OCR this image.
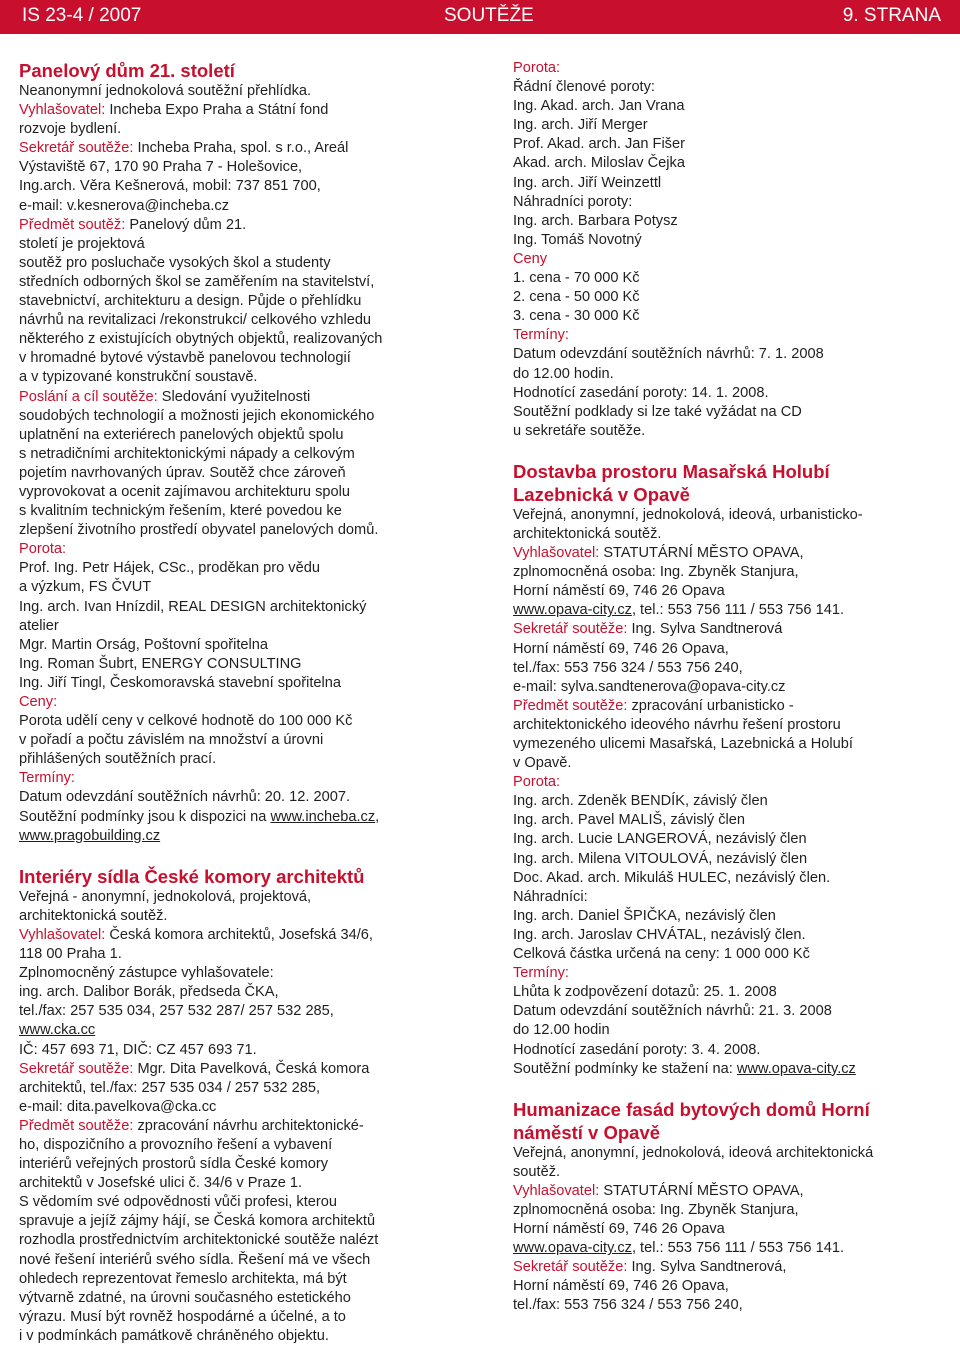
IS 23-4 / 2007	SOUTĚŽE	9. STRANA

Panelový dům 21. století

Neanonymní jednokolová soutěžní přehlídka.

Vyhlašovatel: Incheba Expo Praha a Státní fond

rozvoje bydlení.

Sekretář soutěže: Incheba Praha, spol. s r.o., Areál

Výstaviště 67, 170 90 Praha 7 - Holešovice,

Ing.arch. Věra Kešnerová, mobil: 737 851 700,

e-mail: v.kesnerova@incheba.cz

Předmět soutěž: Panelový dům 21.

století je projektová

soutěž pro posluchače vysokých škol a studenty

středních odborných škol se zaměřením na stavitelství,

stavebnictví, architekturu a design. Půjde o přehlídku

návrhů na revitalizaci /rekonstrukci/ celkového vzhledu

některého z existujících obytných objektů, realizovaných

v hromadné bytové výstavbě panelovou technologií

a v typizované konstrukční soustavě.

Poslání a cíl soutěže: Sledování využitelnosti

soudobých technologií a možnosti jejich ekonomického

uplatnění na exteriérech panelových objektů spolu

s netradičními architektonickými nápady a celkovým

pojetím navrhovaných úprav. Soutěž chce zároveň

vyprovokovat a ocenit zajímavou architekturu spolu

s kvalitním technickým řešením, které povedou ke

zlepšení životního prostředí obyvatel panelových domů.

Porota:

Prof. Ing. Petr Hájek, CSc., proděkan pro vědu

a výzkum, FS ČVUT

Ing. arch. Ivan Hnízdil, REAL DESIGN architektonický

atelier

Mgr. Martin Orság, Poštovní spořitelna

Ing. Roman Šubrt, ENERGY CONSULTING

Ing. Jiří Tingl, Českomoravská stavební spořitelna

Ceny:

Porota udělí ceny v celkové hodnotě do 100 000 Kč

v pořadí a počtu závislém na množství a úrovni

přihlášených soutěžních prací.

Termíny:

Datum odevzdání soutěžních návrhů: 20. 12. 2007.

Soutěžní podmínky jsou k dispozici na www.incheba.cz,

www.pragobuilding.cz

Interiéry sídla České komory architektů

Veřejná - anonymní, jednokolová, projektová,

architektonická soutěž.

Vyhlašovatel: Česká komora architektů, Josefská 34/6,

118 00 Praha 1.

Zplnomocněný zástupce vyhlašovatele:

ing. arch. Dalibor Borák, předseda ČKA,

tel./fax: 257 535 034, 257 532 287/ 257 532 285,

www.cka.cc

IČ: 457 693 71, DIČ: CZ 457 693 71.

Sekretář soutěže: Mgr. Dita Pavelková, Česká komora

architektů, tel./fax: 257 535 034 / 257 532 285,

e-mail: dita.pavelkova@cka.cc

Předmět soutěže: zpracování návrhu architektonické-

ho, dispozičního a provozního řešení a vybavení

interiérů veřejných prostorů sídla České komory

architektů v Josefské ulici č. 34/6 v Praze 1.

S vědomím své odpovědnosti vůči profesi, kterou

spravuje a jejíž zájmy hájí, se Česká komora architektů

rozhodla prostřednictvím architektonické soutěže nalézt

nové řešení interiérů svého sídla. Řešení má ve všech

ohledech reprezentovat řemeslo architekta, má být

výtvarně zdatné, na úrovni současného estetického

výrazu. Musí být rovněž hospodárné a účelné, a to

i v podmínkách památkově chráněného objektu.

Porota:

Řádní členové poroty:

Ing. Akad. arch. Jan Vrana

Ing. arch. Jiří Merger

Prof. Akad. arch. Jan Fišer

Akad. arch. Miloslav Čejka

Ing. arch. Jiří Weinzettl

Náhradníci poroty:

Ing. arch. Barbara Potysz

Ing. Tomáš Novotný

Ceny

1. cena - 70 000 Kč

2. cena - 50 000 Kč

3. cena - 30 000 Kč

Termíny:

Datum odevzdání soutěžních návrhů: 7. 1. 2008

do 12.00 hodin.

Hodnotící zasedání poroty: 14. 1. 2008.

Soutěžní podklady si lze také vyžádat na CD

u sekretáře soutěže.

Dostavba prostoru Masařská Holubí

Lazebnická v Opavě

Veřejná, anonymní, jednokolová, ideová, urbanisticko-

architektonická soutěž.

Vyhlašovatel: STATUTÁRNÍ MĚSTO OPAVA,

zplnomocněná osoba: Ing. Zbyněk Stanjura,

Horní náměstí 69, 746 26 Opava

www.opava-city.cz, tel.: 553 756 111 / 553 756 141.

Sekretář soutěže: Ing. Sylva Sandtnerová

Horní náměstí 69, 746 26 Opava,

tel./fax: 553 756 324 / 553 756 240,

e-mail: sylva.sandtenerova@opava-city.cz

Předmět soutěže: zpracování urbanisticko -

architektonického ideového návrhu řešení prostoru

vymezeného ulicemi Masařská, Lazebnická a Holubí

v Opavě.

Porota:

Ing. arch. Zdeněk BENDÍK, závislý člen

Ing. arch. Pavel MALIŠ, závislý člen

Ing. arch. Lucie LANGEROVÁ, nezávislý člen

Ing. arch. Milena VITOULOVÁ, nezávislý člen

Doc. Akad. arch. Mikuláš HULEC, nezávislý člen.

Náhradníci:

Ing. arch. Daniel ŠPIČKA, nezávislý člen

Ing. arch. Jaroslav CHVÁTAL, nezávislý člen.

Celková částka určená na ceny: 1 000 000 Kč

Termíny:

Lhůta k zodpovězení dotazů: 25. 1. 2008

Datum odevzdání soutěžních návrhů: 21. 3. 2008

do 12.00 hodin

Hodnotící zasedání poroty: 3. 4. 2008.

Soutěžní podmínky ke stažení na: www.opava-city.cz

Humanizace fasád bytových domů Horní

náměstí v Opavě

Veřejná, anonymní, jednokolová, ideová architektonická

soutěž.

Vyhlašovatel: STATUTÁRNÍ MĚSTO OPAVA,

zplnomocněná osoba: Ing. Zbyněk Stanjura,

Horní náměstí 69, 746 26 Opava

www.opava-city.cz, tel.: 553 756 111 / 553 756 141.

Sekretář soutěže: Ing. Sylva Sandtnerová,

Horní náměstí 69, 746 26 Opava,

tel./fax: 553 756 324 / 553 756 240,
